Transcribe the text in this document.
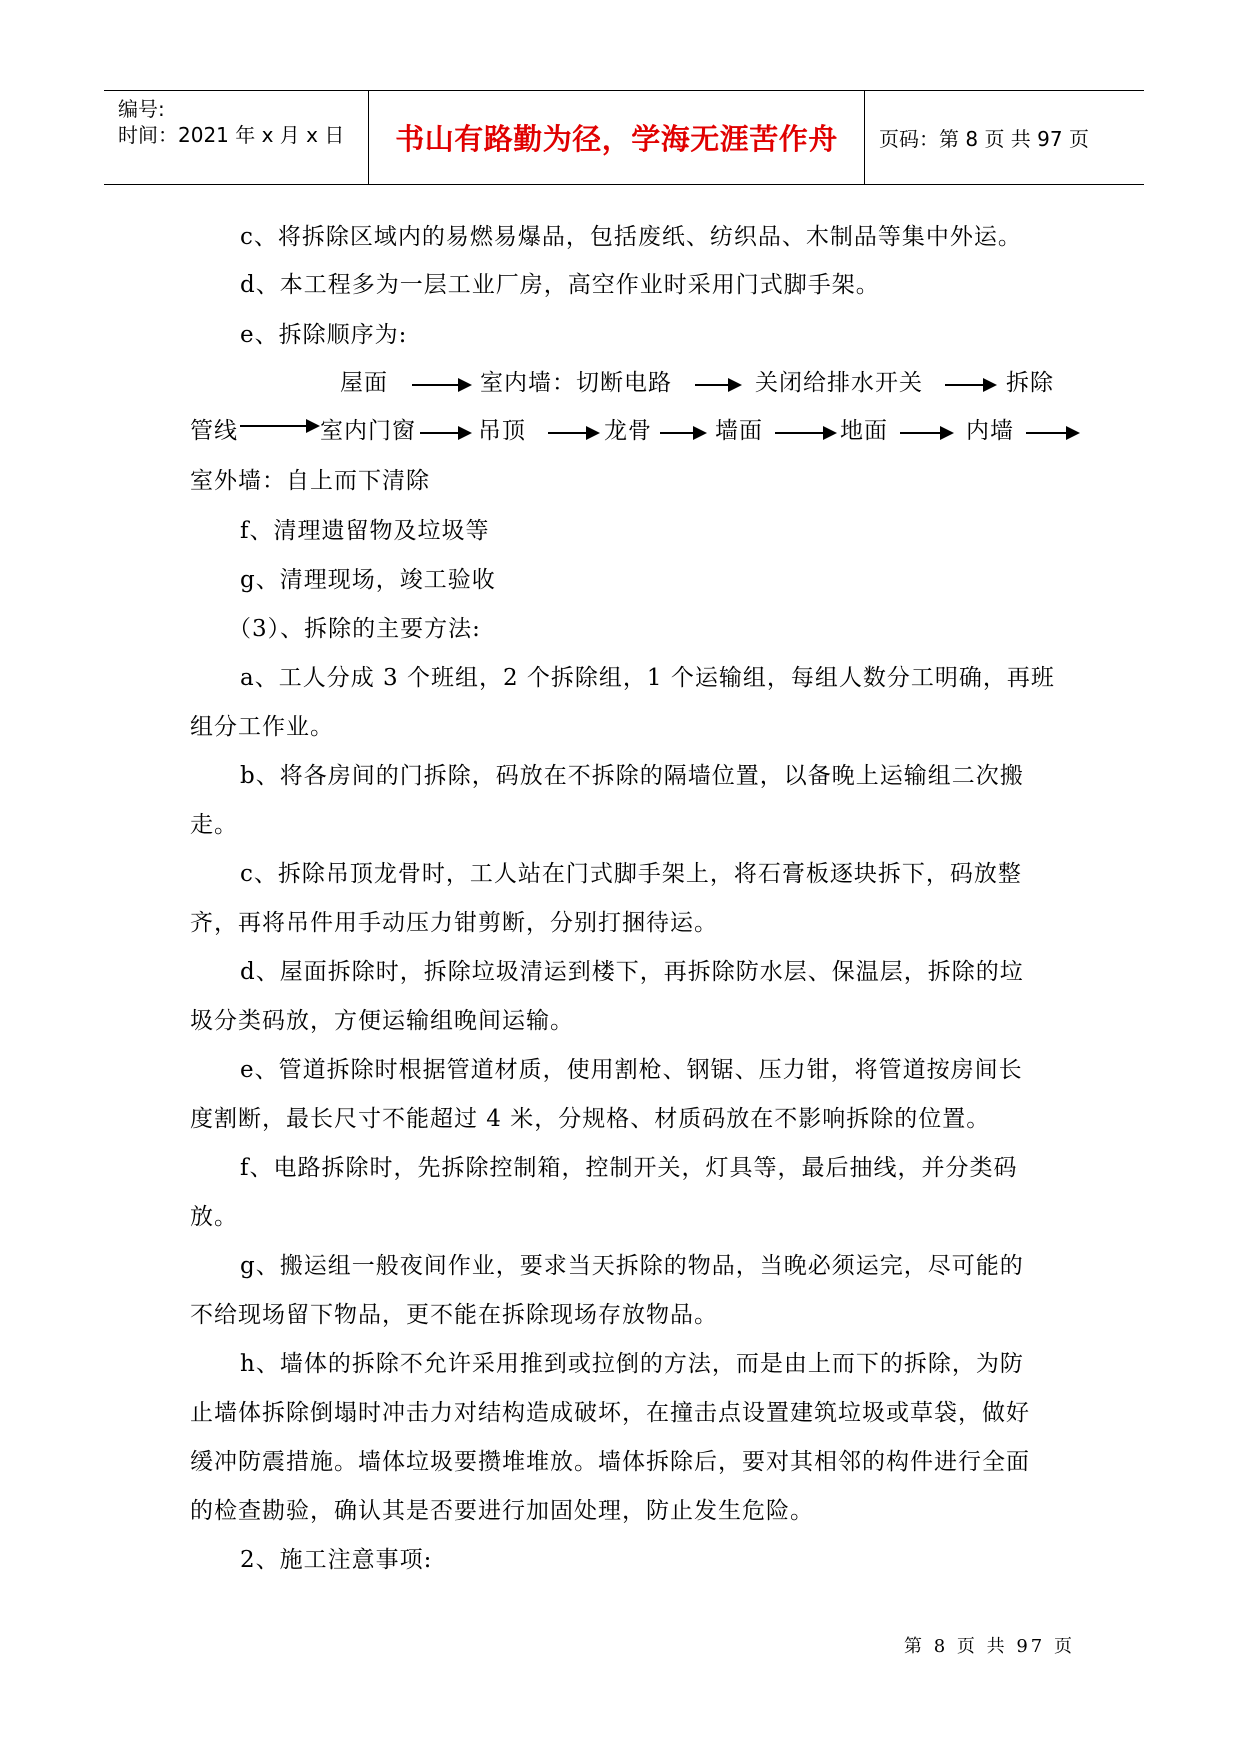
编号:
时间：2021 年 x 月 x 日	书山有路勤为径，学海无涯苦作舟	页码：第 8 页 共 97 页
c、将拆除区域内的易燃易爆品，包括废纸、纺织品、木制品等集中外运。
d、本工程多为一层工业厂房，高空作业时采用门式脚手架。
e、拆除顺序为:
屋面	室内墙：切断电路	关闭给排水开关	拆除
管线	室内门窗	吊顶	龙骨	墙面	地面	内墙
室外墙：自上而下清除
f、清理遗留物及垃圾等
g、清理现场，竣工验收
（3）、拆除的主要方法:
a、工人分成 3 个班组，2 个拆除组，1 个运输组，每组人数分工明确，再班
组分工作业。
b、将各房间的门拆除，码放在不拆除的隔墙位置，以备晚上运输组二次搬
走。
c、拆除吊顶龙骨时，工人站在门式脚手架上，将石膏板逐块拆下，码放整
齐，再将吊件用手动压力钳剪断，分别打捆待运。
d、屋面拆除时，拆除垃圾清运到楼下，再拆除防水层、保温层，拆除的垃
圾分类码放，方便运输组晚间运输。
e、管道拆除时根据管道材质，使用割枪、钢锯、压力钳，将管道按房间长
度割断，最长尺寸不能超过 4 米，分规格、材质码放在不影响拆除的位置。
f、电路拆除时，先拆除控制箱，控制开关，灯具等，最后抽线，并分类码
放。
g、搬运组一般夜间作业，要求当天拆除的物品，当晚必须运完，尽可能的
不给现场留下物品，更不能在拆除现场存放物品。
h、墙体的拆除不允许采用推到或拉倒的方法，而是由上而下的拆除，为防
止墙体拆除倒塌时冲击力对结构造成破坏，在撞击点设置建筑垃圾或草袋，做好
缓冲防震措施。墙体垃圾要攒堆堆放。墙体拆除后，要对其相邻的构件进行全面
的检查勘验，确认其是否要进行加固处理，防止发生危险。
2、施工注意事项:
第 8 页 共 97 页
